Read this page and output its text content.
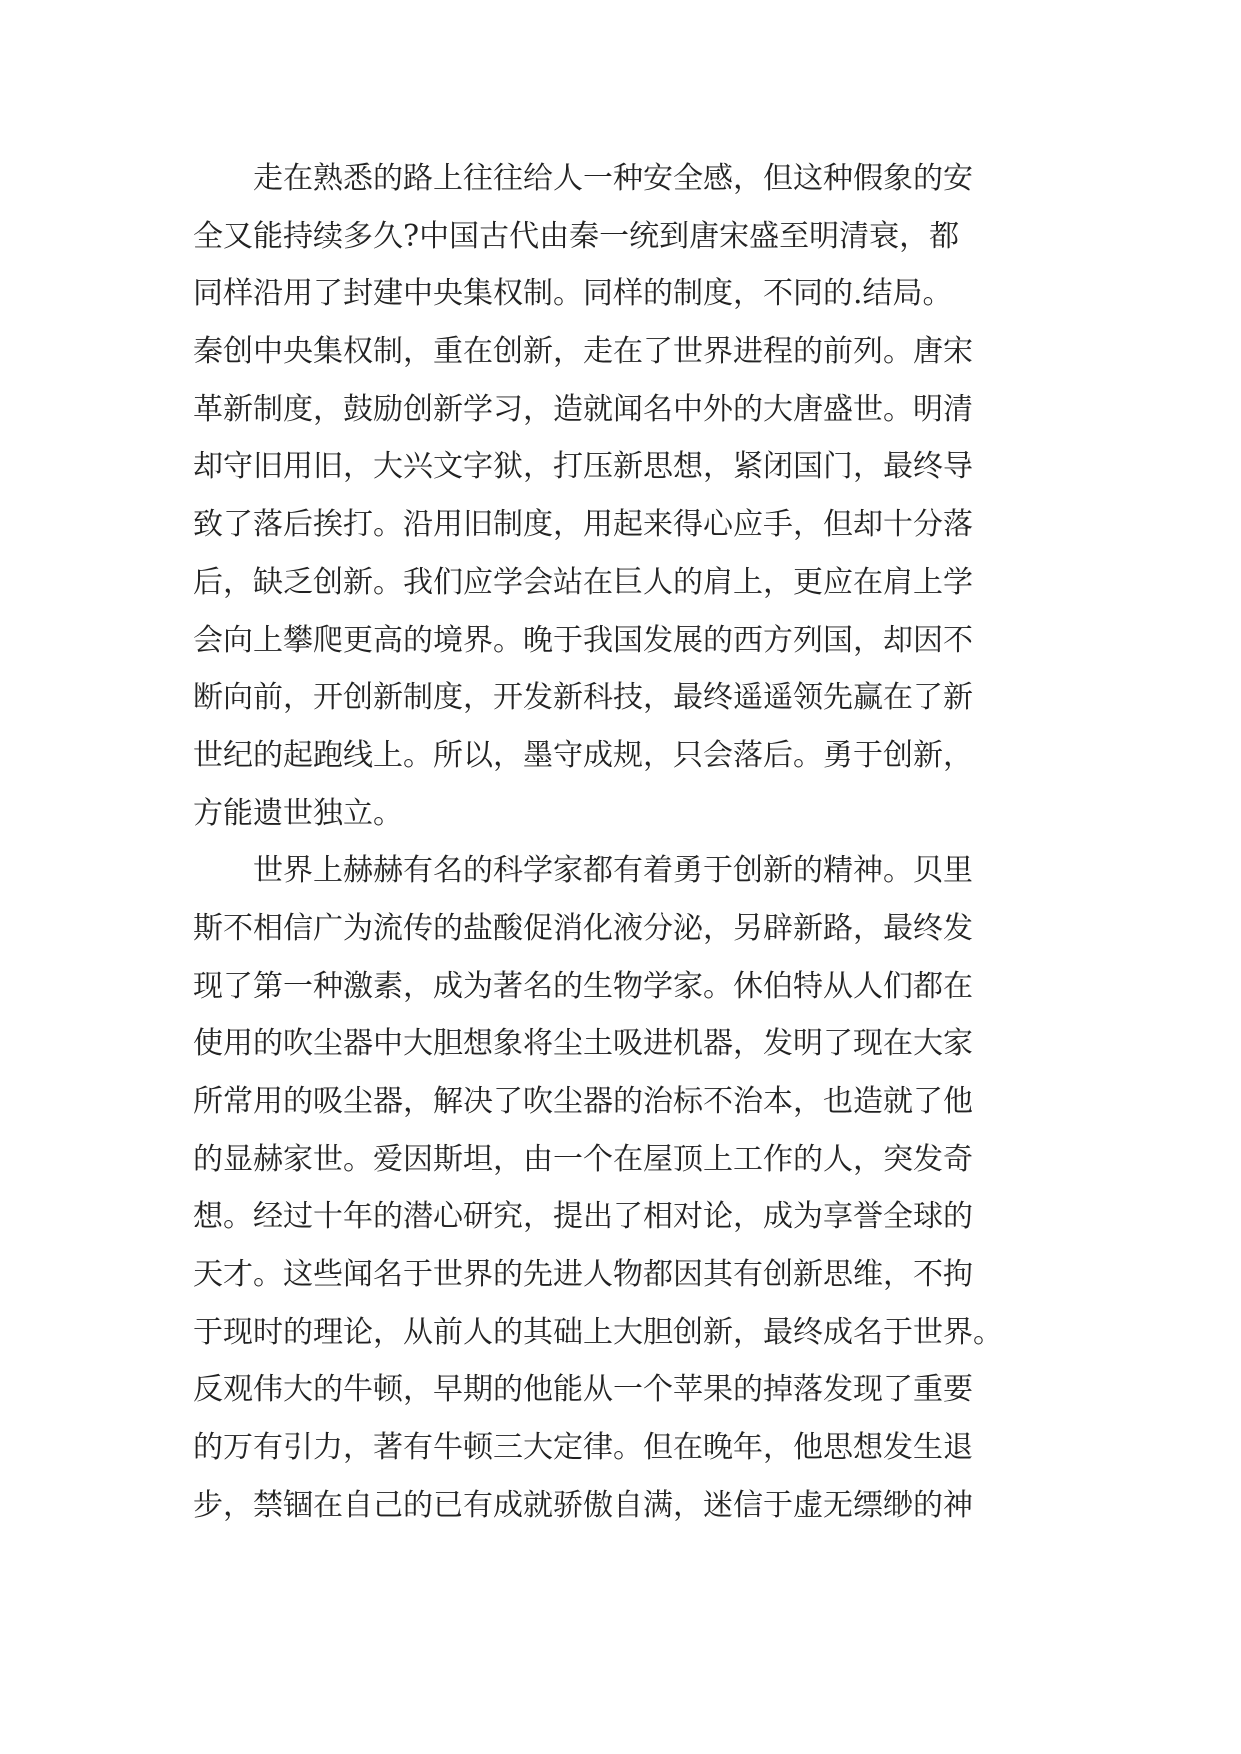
走在熟悉的路上往往给人一种安全感，但这种假象的安
全又能持续多久?中国古代由秦一统到唐宋盛至明清衰，都
同样沿用了封建中央集权制。同样的制度，不同的.结局。
秦创中央集权制，重在创新，走在了世界进程的前列。唐宋
革新制度，鼓励创新学习，造就闻名中外的大唐盛世。明清
却守旧用旧，大兴文字狱，打压新思想，紧闭国门，最终导
致了落后挨打。沿用旧制度，用起来得心应手，但却十分落
后，缺乏创新。我们应学会站在巨人的肩上，更应在肩上学
会向上攀爬更高的境界。晚于我国发展的西方列国，却因不
断向前，开创新制度，开发新科技，最终遥遥领先赢在了新
世纪的起跑线上。所以，墨守成规，只会落后。勇于创新，
方能遗世独立。
世界上赫赫有名的科学家都有着勇于创新的精神。贝里
斯不相信广为流传的盐酸促消化液分泌，另辟新路，最终发
现了第一种激素，成为著名的生物学家。休伯特从人们都在
使用的吹尘器中大胆想象将尘土吸进机器，发明了现在大家
所常用的吸尘器，解决了吹尘器的治标不治本，也造就了他
的显赫家世。爱因斯坦，由一个在屋顶上工作的人，突发奇
想。经过十年的潜心研究，提出了相对论，成为享誉全球的
天才。这些闻名于世界的先进人物都因其有创新思维，不拘
于现时的理论，从前人的其础上大胆创新，最终成名于世界。
反观伟大的牛顿，早期的他能从一个苹果的掉落发现了重要
的万有引力，著有牛顿三大定律。但在晚年，他思想发生退
步，禁锢在自己的已有成就骄傲自满，迷信于虚无缥缈的神
